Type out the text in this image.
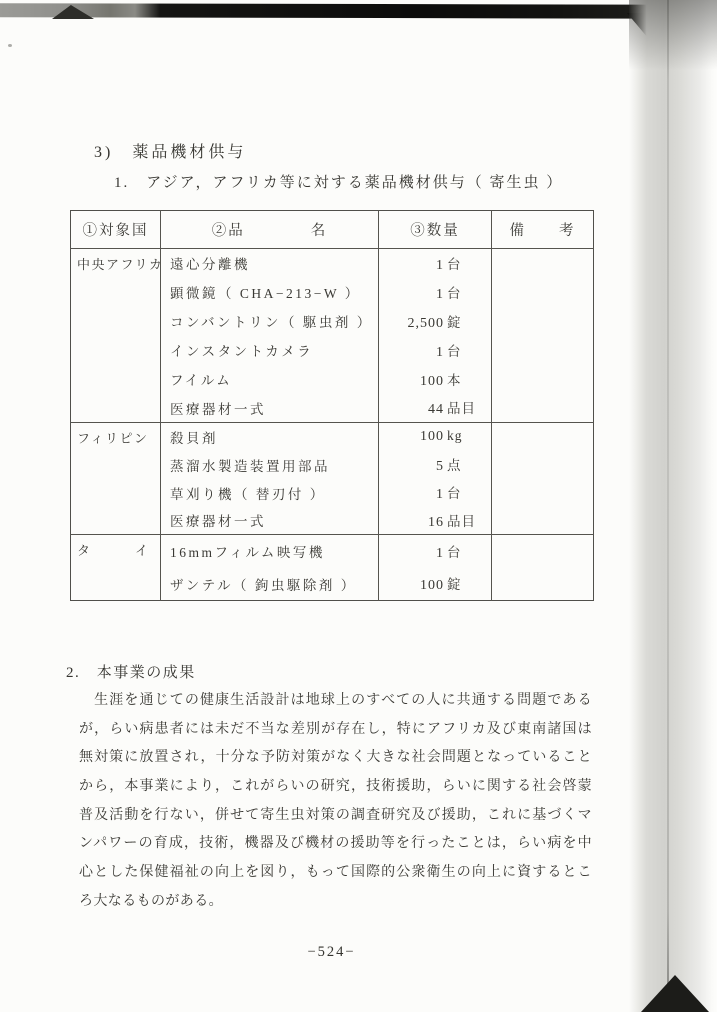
3)　薬品機材供与
1.　アジア，アフリカ等に対する薬品機材供与（ 寄生虫 ）
①対象国	②品　　　　名	③数量	備　　考
中央アフリカ	遠心分離機	1 台	
	顕微鏡（ CHA−213−W ）	1 台	
	コンバントリン（ 駆虫剤 ）	2,500 錠	
	インスタントカメラ	1 台	
	フイルム	100 本	
	医療器材一式	44 品目	
フィリピン	殺貝剤	100 kg	
	蒸溜水製造装置用部品	5 点	
	草刈り機（ 替刃付 ）	1 台	
	医療器材一式	16 品目	
タ　　　イ	16mmフィルム映写機	1 台	
	ザンテル（ 鉤虫駆除剤 ）	100 錠	
2.　本事業の成果
　生涯を通じての健康生活設計は地球上のすべての人に共通する問題である
が，らい病患者には未だ不当な差別が存在し，特にアフリカ及び東南諸国は
無対策に放置され，十分な予防対策がなく大きな社会問題となっていること
から，本事業により，これがらいの研究，技術援助，らいに関する社会啓蒙
普及活動を行ない，併せて寄生虫対策の調査研究及び援助，これに基づくマ
ンパワーの育成，技術，機器及び機材の援助等を行ったことは，らい病を中
心とした保健福祉の向上を図り，もって国際的公衆衛生の向上に資するとこ
ろ大なるものがある。
−524−
